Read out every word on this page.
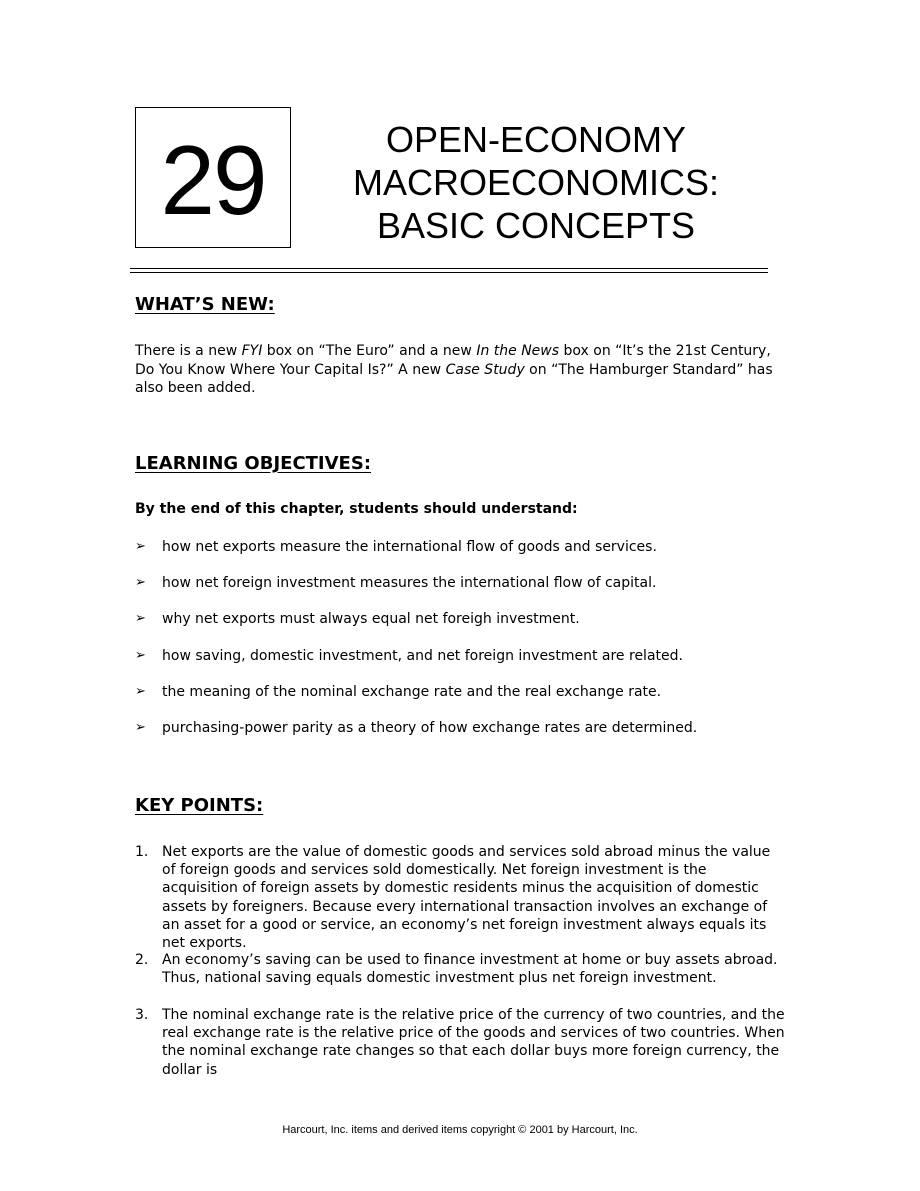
29	OPEN-ECONOMY
MACROECONOMICS:
BASIC CONCEPTS
WHAT’S NEW:
There is a new FYI box on “The Euro” and a new In the News box on “It’s the 21st Century, Do You Know Where Your Capital Is?” A new Case Study on “The Hamburger Standard” has also been added.
LEARNING OBJECTIVES:
By the end of this chapter, students should understand:
➢	how net exports measure the international flow of goods and services.
➢	how net foreign investment measures the international flow of capital.
➢	why net exports must always equal net foreigh investment.
➢	how saving, domestic investment, and net foreign investment are related.
➢	the meaning of the nominal exchange rate and the real exchange rate.
➢	purchasing-power parity as a theory of how exchange rates are determined.
KEY POINTS:
1. Net exports are the value of domestic goods and services sold abroad minus the value of foreign goods and services sold domestically. Net foreign investment is the acquisition of foreign assets by domestic residents minus the acquisition of domestic assets by foreigners. Because every international transaction involves an exchange of an asset for a good or service, an economy’s net foreign investment always equals its net exports.
2. An economy’s saving can be used to finance investment at home or buy assets abroad. Thus, national saving equals domestic investment plus net foreign investment.
3. The nominal exchange rate is the relative price of the currency of two countries, and the real exchange rate is the relative price of the goods and services of two countries. When the nominal exchange rate changes so that each dollar buys more foreign currency, the dollar is
Harcourt, Inc. items and derived items copyright © 2001 by Harcourt, Inc.
